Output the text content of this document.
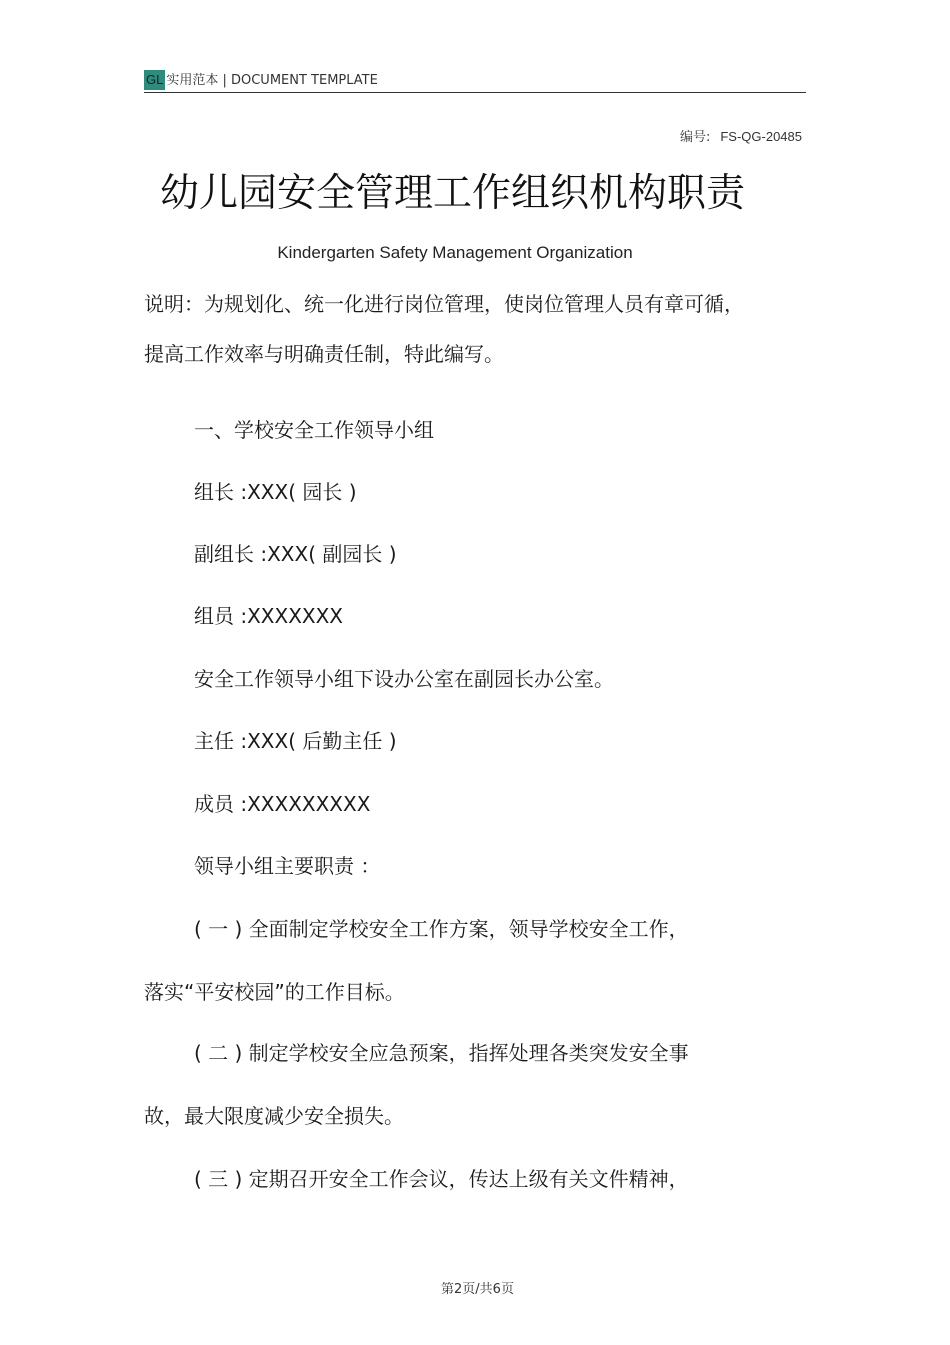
GL 实用范本 | DOCUMENT TEMPLATE
编号: FS-QG-20485
幼儿园安全管理工作组织机构职责
Kindergarten Safety Management Organization
说明：为规划化、统一化进行岗位管理，使岗位管理人员有章可循，
提高工作效率与明确责任制，特此编写。
一、学校安全工作领导小组
组长 :XXX( 园长 )
副组长 :XXX( 副园长 )
组员 :XXXXXXX
安全工作领导小组下设办公室在副园长办公室。
主任 :XXX( 后勤主任 )
成员 :XXXXXXXXX
领导小组主要职责 ：
( 一 ) 全面制定学校安全工作方案，领导学校安全工作，
落实“平安校园”的工作目标。
( 二 ) 制定学校安全应急预案，指挥处理各类突发安全事
故，最大限度减少安全损失。
( 三 ) 定期召开安全工作会议，传达上级有关文件精神，
第2页/共6页
